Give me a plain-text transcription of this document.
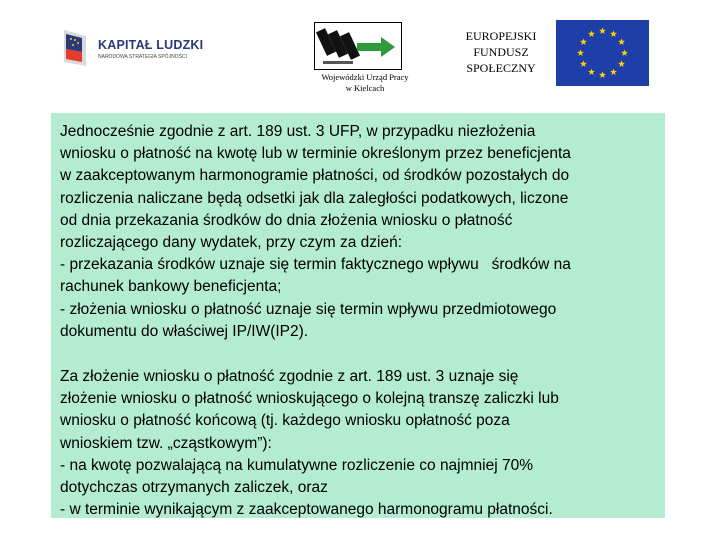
KAPITAŁ LUDZKI
NARODOWA STRATEGIA SPÓJNOŚCI
Wojewódzki Urząd Pracy
w Kielcach
EUROPEJSKI
FUNDUSZ
SPOŁECZNY

Jednocześnie zgodnie z art. 189 ust. 3 UFP, w przypadku niezłożenia
wniosku o płatność na kwotę lub w terminie określonym przez beneficjenta
w zaakceptowanym harmonogramie płatności, od środków pozostałych do
rozliczenia naliczane będą odsetki jak dla zaległości podatkowych, liczone
od dnia przekazania środków do dnia złożenia wniosku o płatność
rozliczającego dany wydatek, przy czym za dzień:
- przekazania środków uznaje się termin faktycznego wpływu   środków na
rachunek bankowy beneficjenta;
- złożenia wniosku o płatność uznaje się termin wpływu przedmiotowego
dokumentu do właściwej IP/IW(IP2).

Za złożenie wniosku o płatność zgodnie z art. 189 ust. 3 uznaje się
złożenie wniosku o płatność wnioskującego o kolejną transzę zaliczki lub
wniosku o płatność końcową (tj. każdego wniosku opłatność poza
wnioskiem tzw. „cząstkowym”):
- na kwotę pozwalającą na kumulatywne rozliczenie co najmniej 70%
dotychczas otrzymanych zaliczek, oraz
- w terminie wynikającym z zaakceptowanego harmonogramu płatności.
